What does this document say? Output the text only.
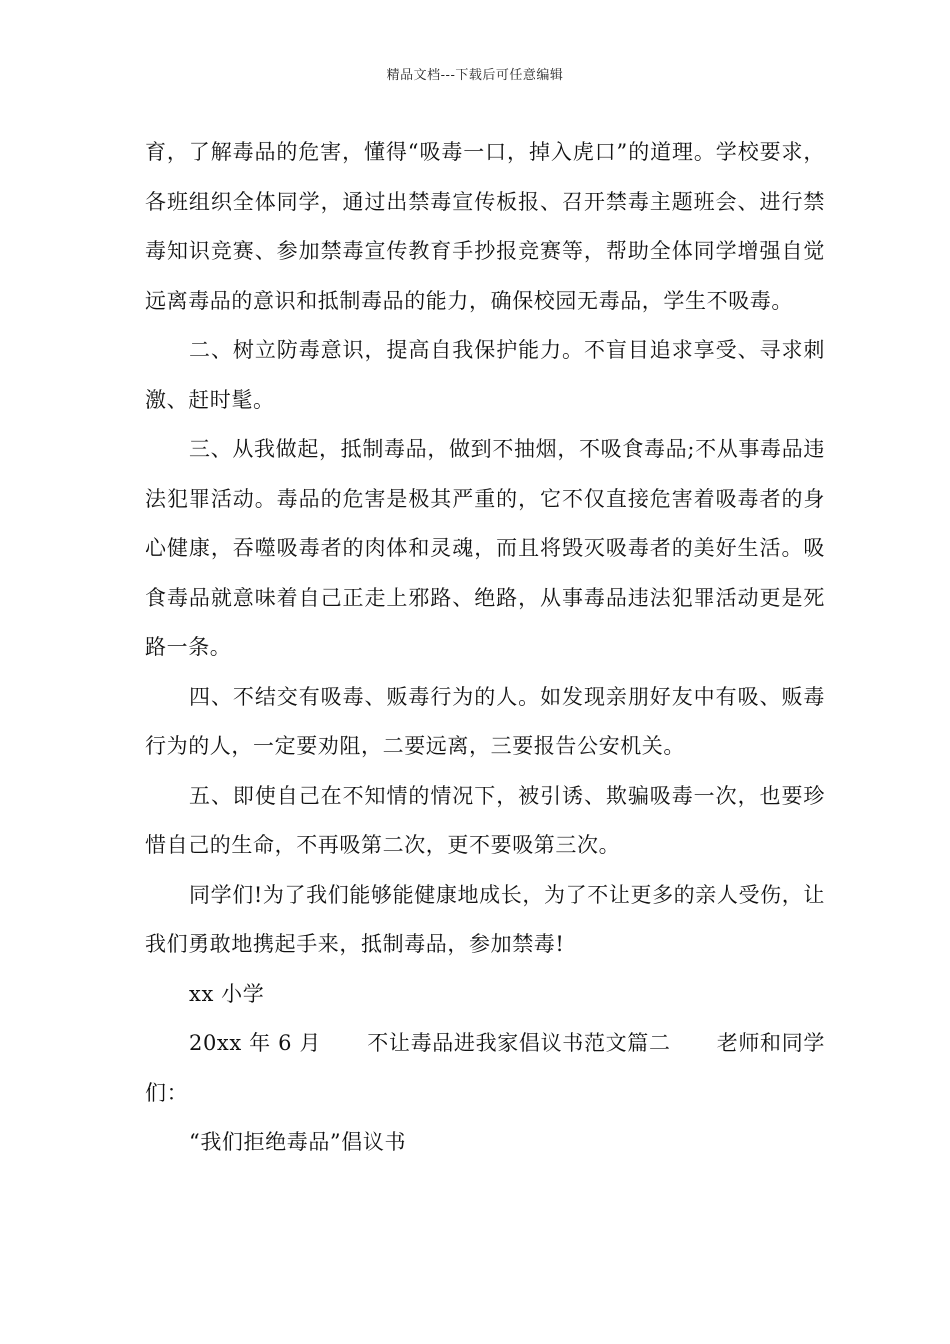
精品文档---下载后可任意编辑

育，了解毒品的危害，懂得“吸毒一口，掉入虎口”的道理。学校要求，各班组织全体同学，通过出禁毒宣传板报、召开禁毒主题班会、进行禁毒知识竞赛、参加禁毒宣传教育手抄报竞赛等，帮助全体同学增强自觉远离毒品的意识和抵制毒品的能力，确保校园无毒品，学生不吸毒。

二、树立防毒意识，提高自我保护能力。不盲目追求享受、寻求刺激、赶时髦。

三、从我做起，抵制毒品，做到不抽烟，不吸食毒品;不从事毒品违法犯罪活动。毒品的危害是极其严重的，它不仅直接危害着吸毒者的身心健康，吞噬吸毒者的肉体和灵魂，而且将毁灭吸毒者的美好生活。吸食毒品就意味着自己正走上邪路、绝路，从事毒品违法犯罪活动更是死路一条。

四、不结交有吸毒、贩毒行为的人。如发现亲朋好友中有吸、贩毒行为的人，一定要劝阻，二要远离，三要报告公安机关。

五、即使自己在不知情的情况下，被引诱、欺骗吸毒一次，也要珍惜自己的生命，不再吸第二次，更不要吸第三次。

同学们!为了我们能够能健康地成长，为了不让更多的亲人受伤，让我们勇敢地携起手来，抵制毒品，参加禁毒!

xx 小学

20xx 年 6 月 不让毒品进我家倡议书范文篇二 老师和同学们：

“我们拒绝毒品”倡议书
